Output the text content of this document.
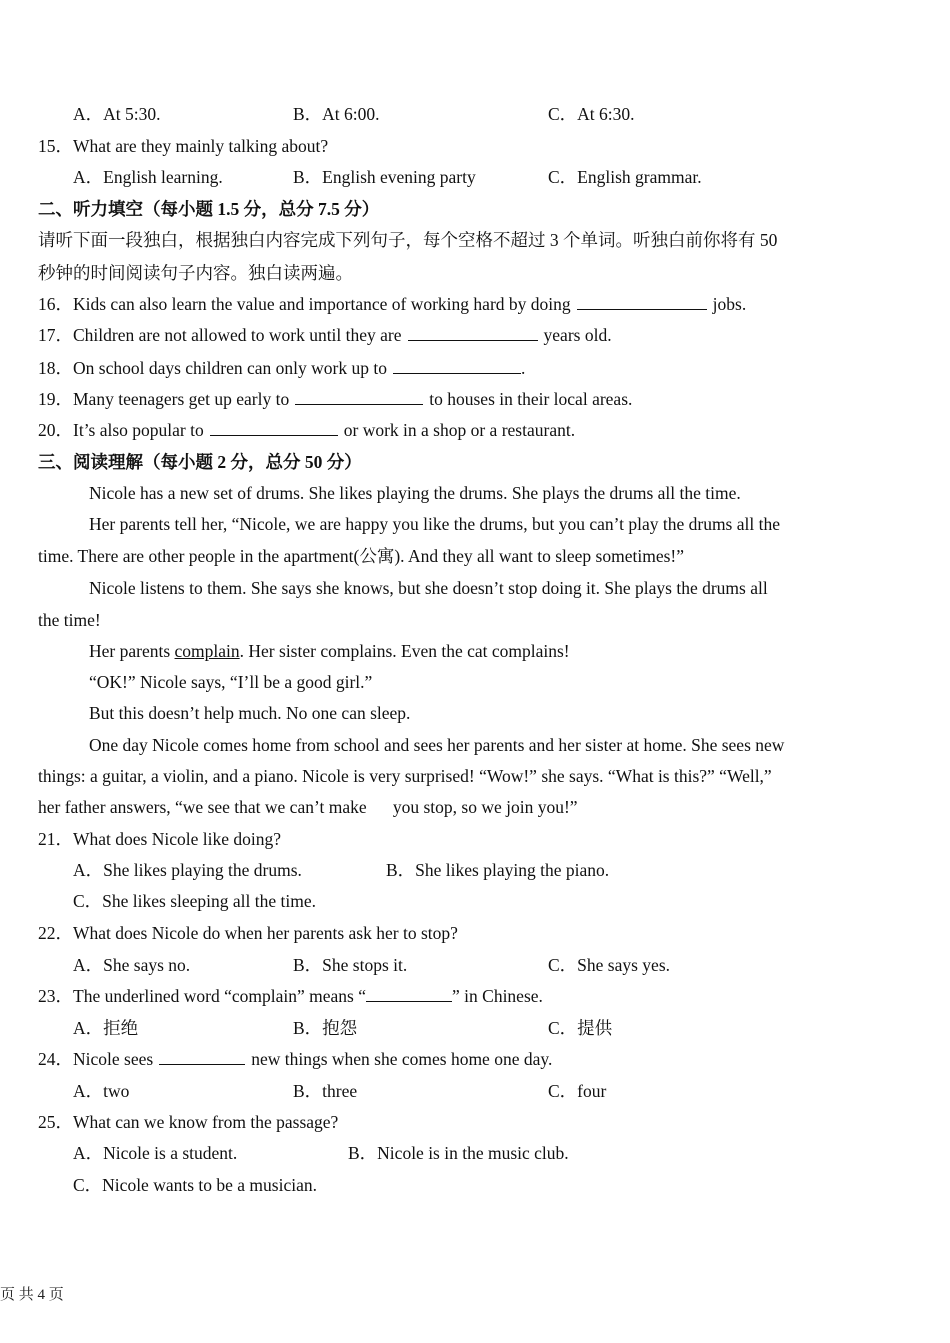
A．At 5:30.	B．At 6:00.	C．At 6:30.
15．What are they mainly talking about?
A．English learning.	B．English evening party	C．English grammar.
二、听力填空（每小题 1.5 分，总分 7.5 分）
请听下面一段独白，根据独白内容完成下列句子，每个空格不超过 3 个单词。听独白前你将有 50
秒钟的时间阅读句子内容。独白读两遍。
16．Kids can also learn the value and importance of working hard by doing	jobs.
17．Children are not allowed to work until they are	years old.
18．On school days children can only work up to	.
19．Many teenagers get up early to	to houses in their local areas.
20．It’s also popular to	or work in a shop or a restaurant.
三、阅读理解（每小题 2 分，总分 50 分）
Nicole has a new set of drums. She likes playing the drums. She plays the drums all the time.
Her parents tell her, “Nicole, we are happy you like the drums, but you can’t play the drums all the
time. There are other people in the apartment(公寓). And they all want to sleep sometimes!”
Nicole listens to them. She says she knows, but she doesn’t stop doing it. She plays the drums all
the time!
Her parents complain. Her sister complains. Even the cat complains!
“OK!” Nicole says, “I’ll be a good girl.”
But this doesn’t help much. No one can sleep.
One day Nicole comes home from school and sees her parents and her sister at home. She sees new
things: a guitar, a violin, and a piano. Nicole is very surprised! “Wow!” she says. “What is this?” “Well,”
her father answers, “we see that we can’t make      you stop, so we join you!”
21．What does Nicole like doing?
A．She likes playing the drums.	B．She likes playing the piano.
C．She likes sleeping all the time.
22．What does Nicole do when her parents ask her to stop?
A．She says no.	B．She stops it.	C．She says yes.
23．The underlined word “complain” means “	” in Chinese.
A．拒绝	B．抱怨	C．提供
24．Nicole sees	new things when she comes home one day.
A．two	B．three	C．four
25．What can we know from the passage?
A．Nicole is a student.	B．Nicole is in the music club.
C．Nicole wants to be a musician.
页 共 4 页
